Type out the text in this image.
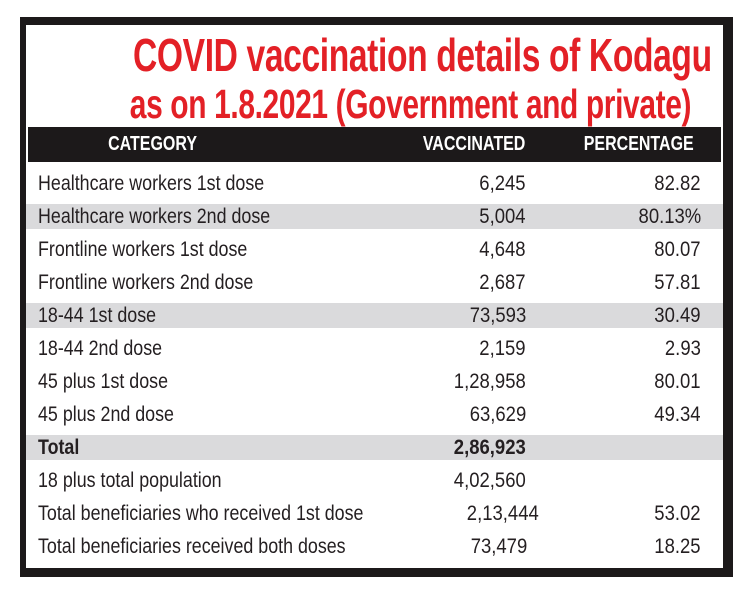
COVID vaccination details of Kodagu
as on 1.8.2021 (Government and private)
CATEGORY	VACCINATED	PERCENTAGE
Healthcare workers 1st dose	6,245	82.82
Healthcare workers 2nd dose	5,004	80.13%
Frontline workers 1st dose	4,648	80.07
Frontline workers 2nd dose	2,687	57.81
18-44 1st dose	73,593	30.49
18-44 2nd dose	2,159	2.93
45 plus 1st dose	1,28,958	80.01
45 plus 2nd dose	63,629	49.34
Total	2,86,923
18 plus total population	4,02,560
Total beneficiaries who received 1st dose	2,13,444	53.02
Total beneficiaries received both doses	73,479	18.25
